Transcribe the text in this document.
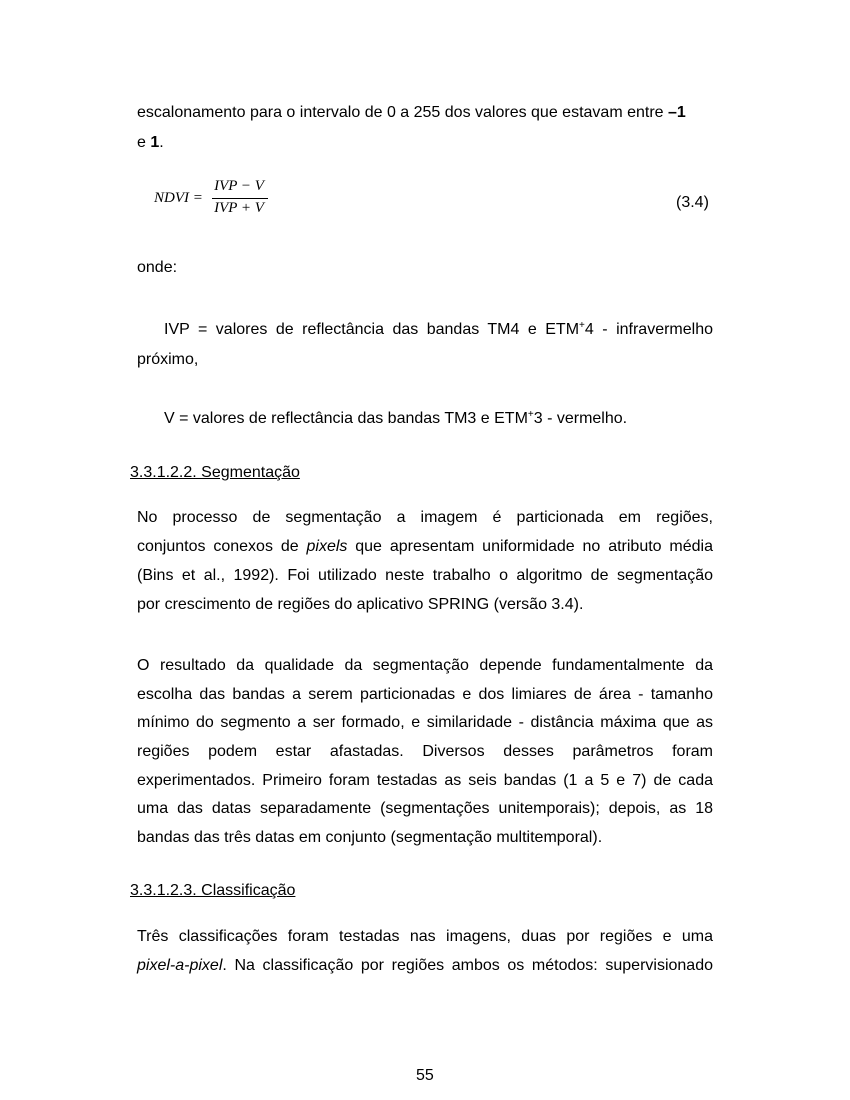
escalonamento para o intervalo de 0 a 255 dos valores que estavam entre –1
e 1.
NDVI =
IVP − V
IVP + V	(3.4)
onde:
IVP = valores de reflectância das bandas TM4 e ETM+4 - infravermelho
próximo,
V = valores de reflectância das bandas TM3 e ETM+3 - vermelho.
3.3.1.2.2. Segmentação
No processo de segmentação a imagem é particionada em regiões,
conjuntos conexos de pixels que apresentam uniformidade no atributo média
(Bins et al., 1992). Foi utilizado neste trabalho o algoritmo de segmentação
por crescimento de regiões do aplicativo SPRING (versão 3.4).
O resultado da qualidade da segmentação depende fundamentalmente da
escolha das bandas a serem particionadas e dos limiares de área - tamanho
mínimo do segmento a ser formado, e similaridade - distância máxima que as
regiões podem estar afastadas. Diversos desses parâmetros foram
experimentados. Primeiro foram testadas as seis bandas (1 a 5 e 7) de cada
uma das datas separadamente (segmentações unitemporais); depois, as 18
bandas das três datas em conjunto (segmentação multitemporal).
3.3.1.2.3. Classificação
Três classificações foram testadas nas imagens, duas por regiões e uma
pixel-a-pixel. Na classificação por regiões ambos os métodos: supervisionado
55
